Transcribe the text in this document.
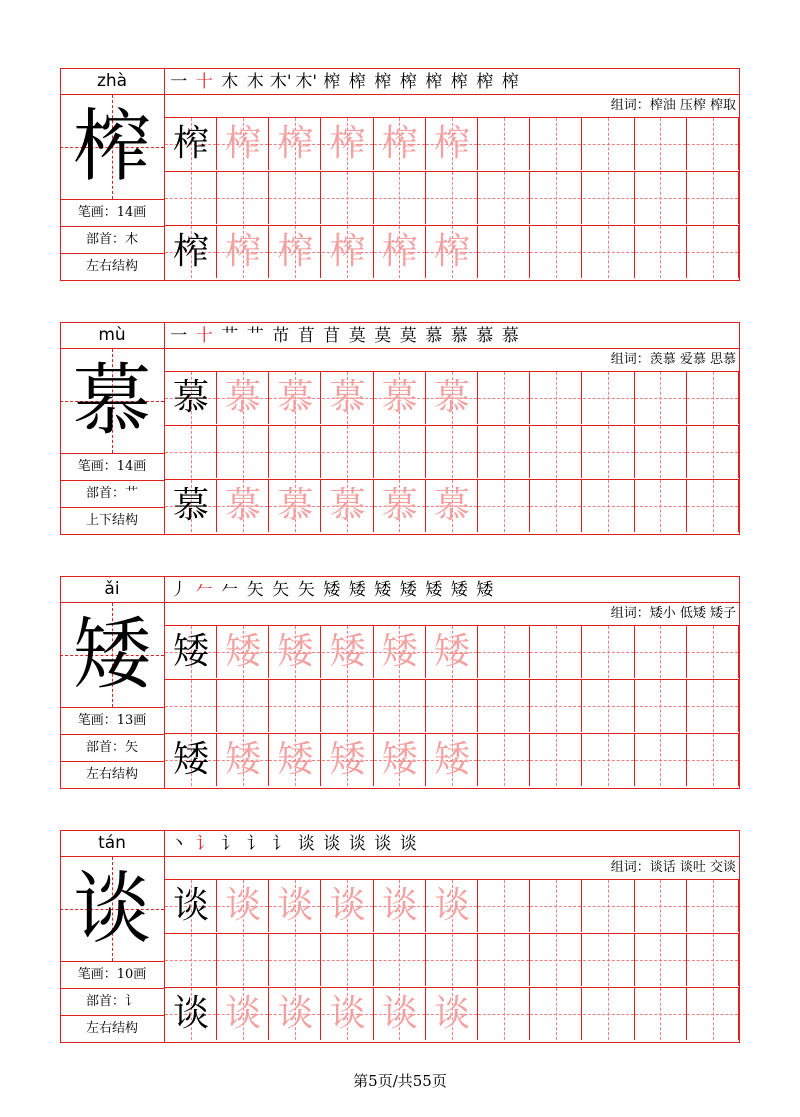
zhà
榨
笔画：14画
部首：木
左右结构
一 十 木 木 木' 木' 榨 榨 榨 榨 榨 榨 榨 榨
组词：榨油 压榨 榨取
榨 榨 榨 榨 榨 榨
榨 榨 榨 榨 榨 榨
mù
慕
笔画：14画
部首：艹
上下结构
一 十 艹 艹 芇 苜 苜 莫 莫 莫 慕 慕 慕 慕
组词：羡慕 爱慕 思慕
慕 慕 慕 慕 慕 慕
慕 慕 慕 慕 慕 慕
ǎi
矮
笔画：13画
部首：矢
左右结构
丿 𠂉 𠂉 矢 矢 矢 矮 矮 矮 矮 矮 矮 矮
组词：矮小 低矮 矮子
矮 矮 矮 矮 矮 矮
矮 矮 矮 矮 矮 矮
tán
谈
笔画：10画
部首：讠
左右结构
丶 讠 讠 讠 讠 谈 谈 谈 谈 谈
组词：谈话 谈吐 交谈
谈 谈 谈 谈 谈 谈
谈 谈 谈 谈 谈 谈
第5页/共55页
